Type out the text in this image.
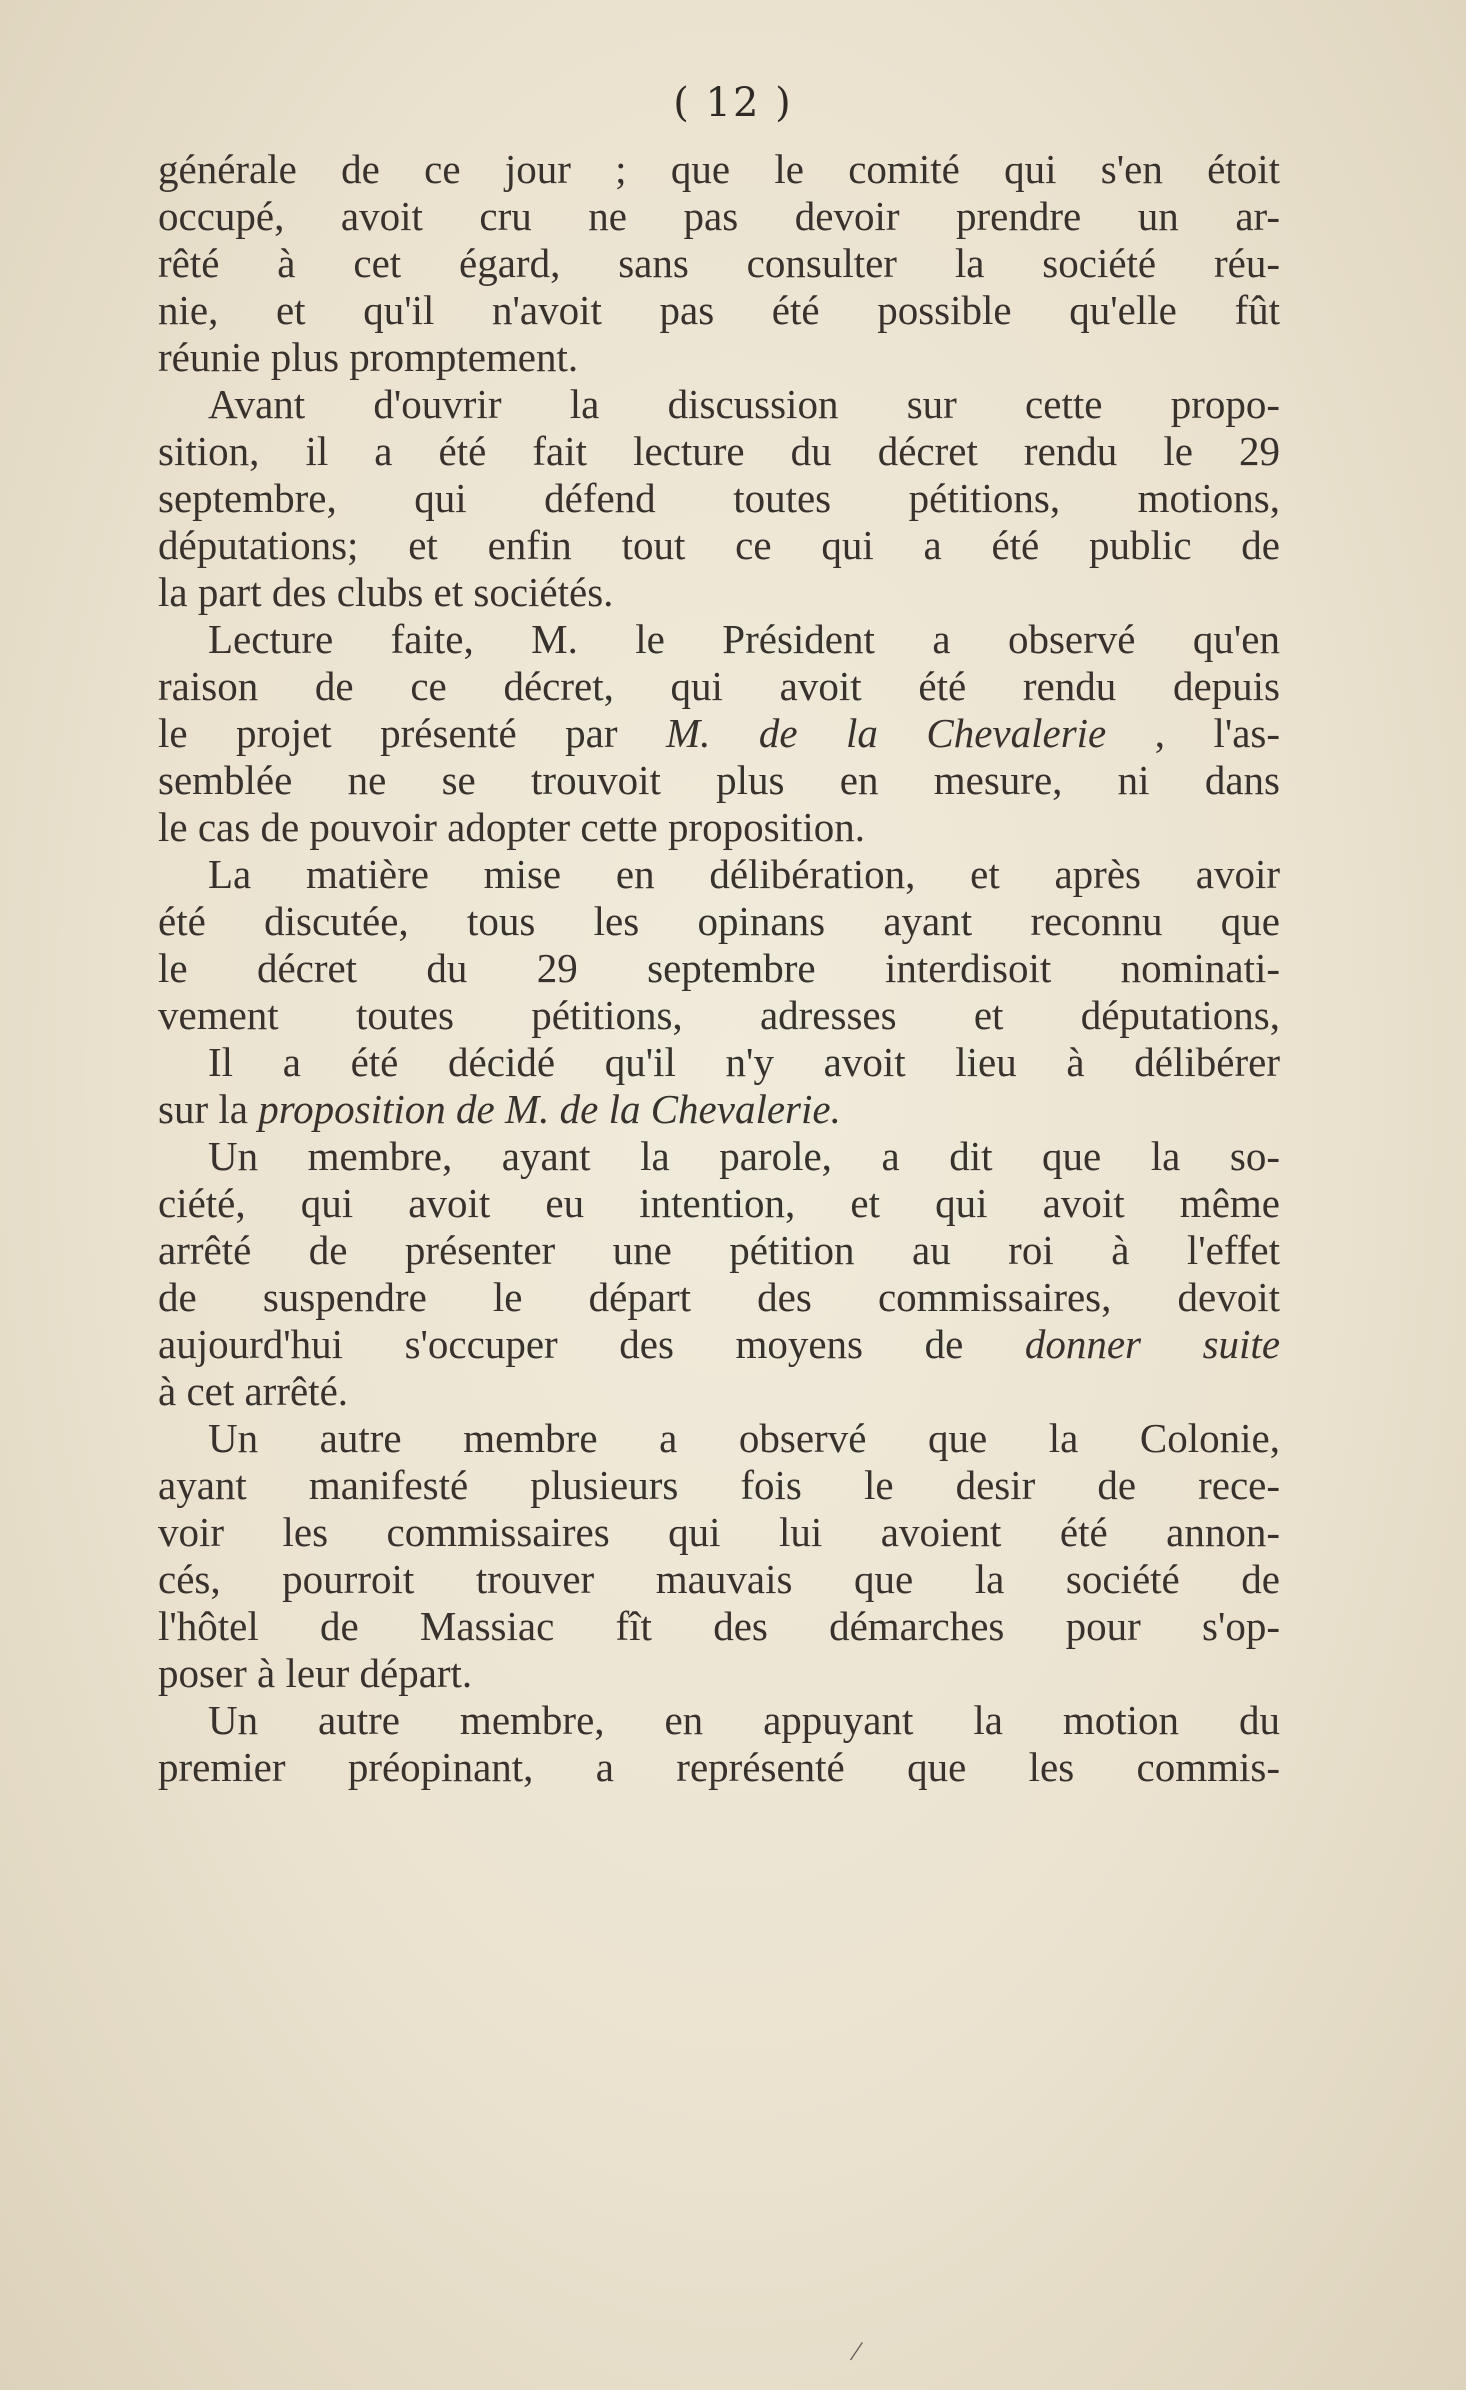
( 12 )
générale de ce jour ; que le comité qui s'en étoit
occupé, avoit cru ne pas devoir prendre un ar-
rêté à cet égard, sans consulter la société réu-
nie, et qu'il n'avoit pas été possible qu'elle fût
réunie plus promptement.
Avant d'ouvrir la discussion sur cette propo-
sition, il a été fait lecture du décret rendu le 29
septembre, qui défend toutes pétitions, motions,
députations; et enfin tout ce qui a été public de
la part des clubs et sociétés.
Lecture faite, M. le Président a observé qu'en
raison de ce décret, qui avoit été rendu depuis
le projet présenté par M. de la Chevalerie , l'as-
semblée ne se trouvoit plus en mesure, ni dans
le cas de pouvoir adopter cette proposition.
La matière mise en délibération, et après avoir
été discutée, tous les opinans ayant reconnu que
le décret du 29 septembre interdisoit nominati-
vement toutes pétitions, adresses et députations,
Il a été décidé qu'il n'y avoit lieu à délibérer
sur la proposition de M. de la Chevalerie.
Un membre, ayant la parole, a dit que la so-
ciété, qui avoit eu intention, et qui avoit même
arrêté de présenter une pétition au roi à l'effet
de suspendre le départ des commissaires, devoit
aujourd'hui s'occuper des moyens de donner suite
à cet arrêté.
Un autre membre a observé que la Colonie,
ayant manifesté plusieurs fois le desir de rece-
voir les commissaires qui lui avoient été annon-
cés, pourroit trouver mauvais que la société de
l'hôtel de Massiac fît des démarches pour s'op-
poser à leur départ.
Un autre membre, en appuyant la motion du
premier préopinant, a représenté que les commis-
/
